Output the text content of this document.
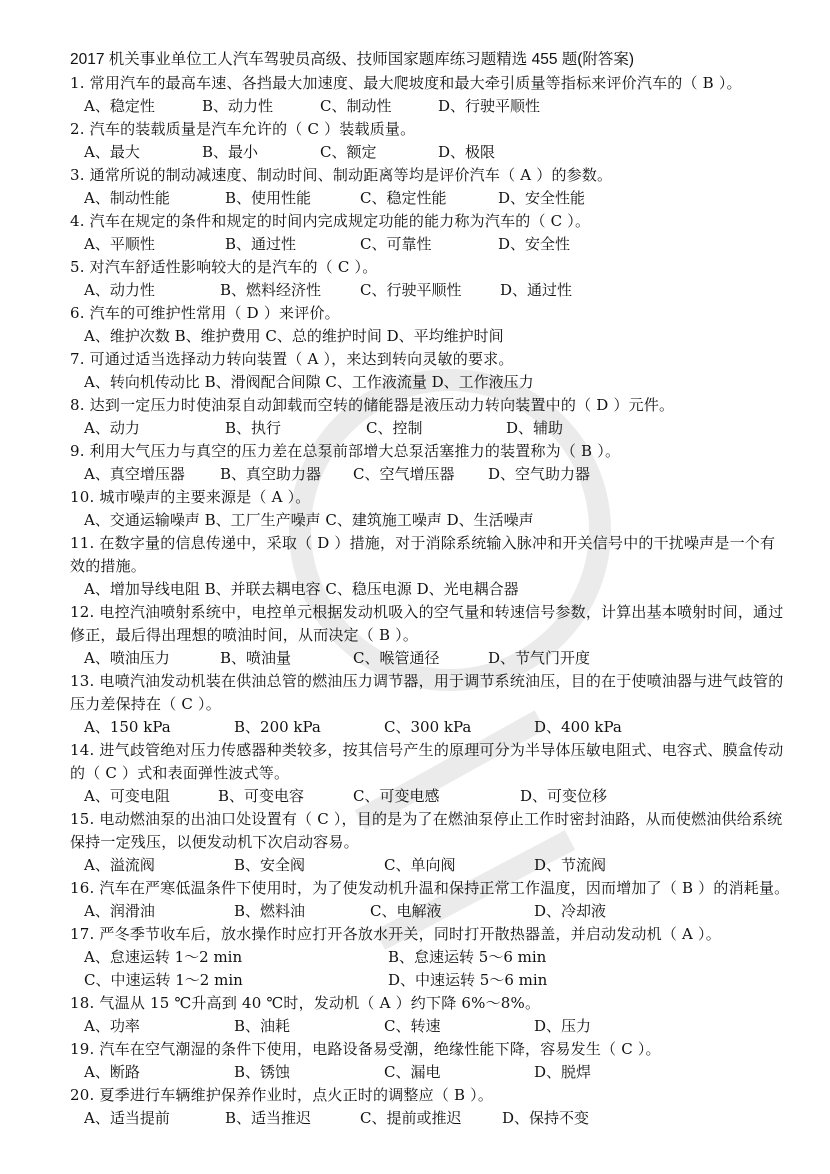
2017 机关事业单位工人汽车驾驶员高级、技师国家题库练习题精选 455 题(附答案)
1. 常用汽车的最高车速、各挡最大加速度、最大爬坡度和最大牵引质量等指标来评价汽车的（ B ）。
A、稳定性	B、动力性	C、制动性	D、行驶平顺性
2. 汽车的装载质量是汽车允许的（ C ）装载质量。
A、最大	B、最小	C、额定	D、极限
3. 通常所说的制动减速度、制动时间、制动距离等均是评价汽车（ A ）的参数。
A、制动性能	B、使用性能	C、稳定性能	D、安全性能
4. 汽车在规定的条件和规定的时间内完成规定功能的能力称为汽车的（ C ）。
A、平顺性	B、通过性	C、可靠性	D、安全性
5. 对汽车舒适性影响较大的是汽车的（ C ）。
A、动力性	B、燃料经济性	C、行驶平顺性	D、通过性
6. 汽车的可维护性常用（ D ）来评价。
A、维护次数 B、维护费用 C、总的维护时间 D、平均维护时间
7. 可通过适当选择动力转向装置（ A ），来达到转向灵敏的要求。
A、转向机传动比 B、滑阀配合间隙 C、工作液流量 D、工作液压力
8. 达到一定压力时使油泵自动卸载而空转的储能器是液压动力转向装置中的（ D ）元件。
A、动力	B、执行	C、控制	D、辅助
9. 利用大气压力与真空的压力差在总泵前部增大总泵活塞推力的装置称为（ B ）。
A、真空增压器 B、真空助力器 C、空气增压器 D、空气助力器
10. 城市噪声的主要来源是（ A ）。
A、交通运输噪声 B、工厂生产噪声 C、建筑施工噪声 D、生活噪声
11. 在数字量的信息传递中，采取（ D ）措施，对于消除系统输入脉冲和开关信号中的干扰噪声是一个有效的措施。
A、增加导线电阻 B、并联去耦电容 C、稳压电源 D、光电耦合器
12. 电控汽油喷射系统中，电控单元根据发动机吸入的空气量和转速信号参数，计算出基本喷射时间，通过修正，最后得出理想的喷油时间，从而决定（ B ）。
A、喷油压力	B、喷油量	C、喉管通径	D、节气门开度
13. 电喷汽油发动机装在供油总管的燃油压力调节器，用于调节系统油压，目的在于使喷油器与进气歧管的压力差保持在（ C ）。
A、150 kPa	B、200 kPa	C、300 kPa	D、400 kPa
14. 进气歧管绝对压力传感器种类较多，按其信号产生的原理可分为半导体压敏电阻式、电容式、膜盒传动的（ C ）式和表面弹性波式等。
A、可变电阻	B、可变电容	C、可变电感	D、可变位移
15. 电动燃油泵的出油口处设置有（ C ），目的是为了在燃油泵停止工作时密封油路，从而使燃油供给系统保持一定残压，以便发动机下次启动容易。
A、溢流阀	B、安全阀	C、单向阀	D、节流阀
16. 汽车在严寒低温条件下使用时，为了使发动机升温和保持正常工作温度，因而增加了（ B ）的消耗量。
A、润滑油	B、燃料油	C、电解液	D、冷却液
17. 严冬季节收车后，放水操作时应打开各放水开关，同时打开散热器盖，并启动发动机（ A ）。
A、怠速运转 1～2 min	B、怠速运转 5～6 min
C、中速运转 1～2 min	D、中速运转 5～6 min
18. 气温从 15 ℃升高到 40 ℃时，发动机（ A ）约下降 6%～8%。
A、功率	B、油耗	C、转速	D、压力
19. 汽车在空气潮湿的条件下使用，电路设备易受潮，绝缘性能下降，容易发生（ C ）。
A、断路	B、锈蚀	C、漏电	D、脱焊
20. 夏季进行车辆维护保养作业时，点火正时的调整应（ B ）。
A、适当提前	B、适当推迟	C、提前或推迟	D、保持不变
